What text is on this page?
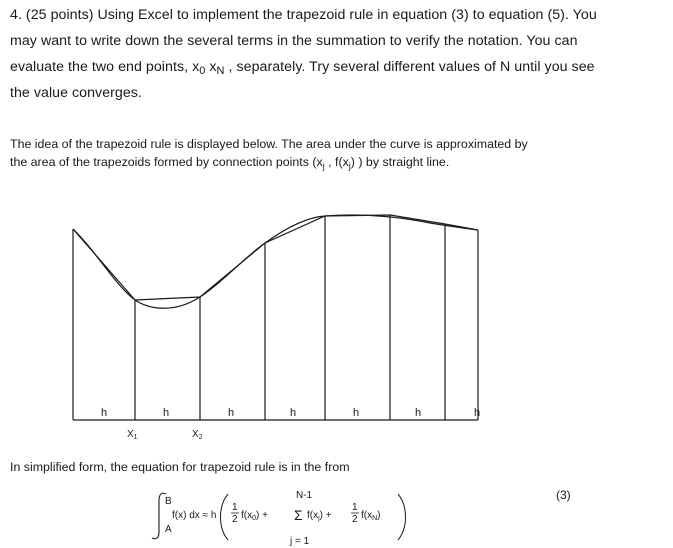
4. (25 points) Using Excel to implement the trapezoid rule in equation (3) to equation (5). You
may want to write down the several terms in the summation to verify the notation. You can
evaluate the two end points, $x_0$ $x_N$ , separately. Try several different values of N until you see
the value converges.
The idea of the trapezoid rule is displayed below. The area under the curve is approximated by
the area of the trapezoids formed by connection points ($x_j$ , $f(x_j)$ ) by straight line.
h	h	h	h	h	h	h
$X_1$	$X_2$
In simplified form, the equation for trapezoid rule is in the from
B
A
f(x) dx ≈ h
1
2 $f(x_0)$ +
N-1
Σ
j = 1
$f(x_j)$ +
1
2 $f(x_N)$
(3)
